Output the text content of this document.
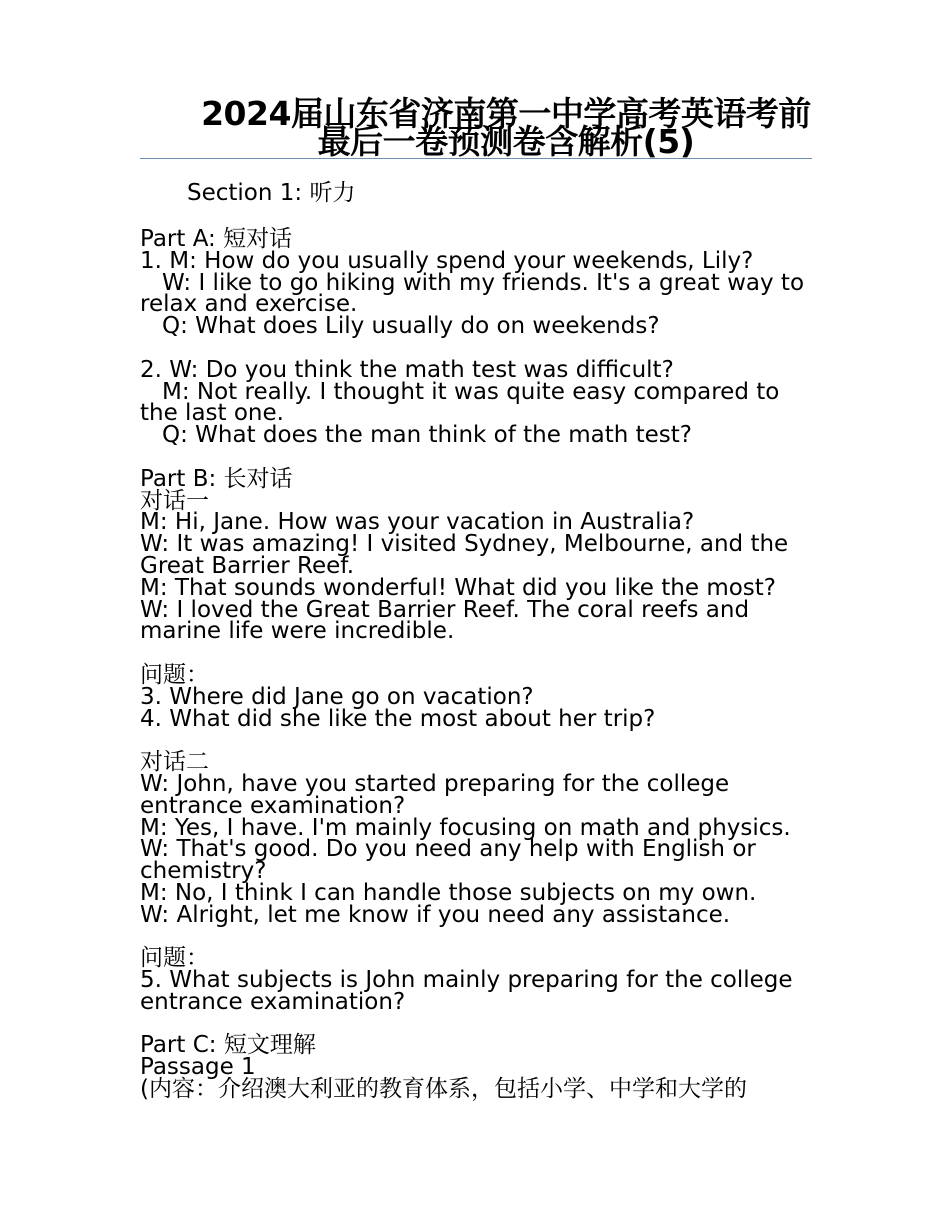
2024届山东省济南第一中学高考英语考前最后一卷预测卷含解析(5)
Section 1: 听力
Part A: 短对话
1. M: How do you usually spend your weekends, Lily?
W: I like to go hiking with my friends. It's a great way to relax and exercise.
Q: What does Lily usually do on weekends?
2. W: Do you think the math test was difficult?
M: Not really. I thought it was quite easy compared to the last one.
Q: What does the man think of the math test?
Part B: 长对话
对话一
M: Hi, Jane. How was your vacation in Australia?
W: It was amazing! I visited Sydney, Melbourne, and the Great Barrier Reef.
M: That sounds wonderful! What did you like the most?
W: I loved the Great Barrier Reef. The coral reefs and marine life were incredible.
问题：
3. Where did Jane go on vacation?
4. What did she like the most about her trip?
对话二
W: John, have you started preparing for the college entrance examination?
M: Yes, I have. I'm mainly focusing on math and physics.
W: That's good. Do you need any help with English or chemistry?
M: No, I think I can handle those subjects on my own.
W: Alright, let me know if you need any assistance.
问题：
5. What subjects is John mainly preparing for the college entrance examination?
Part C: 短文理解
Passage 1
(内容：介绍澳大利亚的教育体系，包括小学、中学和大学的
